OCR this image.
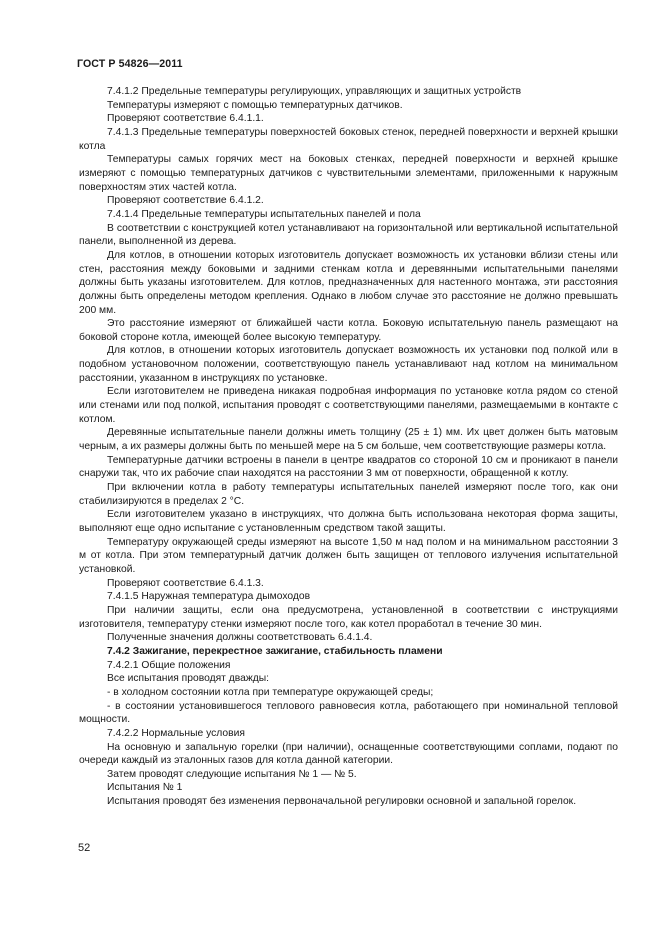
ГОСТ Р 54826—2011

7.4.1.2 Предельные температуры регулирующих, управляющих и защитных устройств

Температуры измеряют с помощью температурных датчиков.

Проверяют соответствие 6.4.1.1.

7.4.1.3 Предельные температуры поверхностей боковых стенок, передней поверхности и верхней крышки котла

Температуры самых горячих мест на боковых стенках, передней поверхности и верхней крышке измеряют с помощью температурных датчиков с чувствительными элементами, приложенными к наружным поверхностям этих частей котла.

Проверяют соответствие 6.4.1.2.

7.4.1.4 Предельные температуры испытательных панелей и пола

В соответствии с конструкцией котел устанавливают на горизонтальной или вертикальной испытательной панели, выполненной из дерева.

Для котлов, в отношении которых изготовитель допускает возможность их установки вблизи стены или стен, расстояния между боковыми и задними стенкам котла и деревянными испытательными панелями должны быть указаны изготовителем. Для котлов, предназначенных для настенного монтажа, эти расстояния должны быть определены методом крепления. Однако в любом случае это расстояние не должно превышать 200 мм.

Это расстояние измеряют от ближайшей части котла. Боковую испытательную панель размещают на боковой стороне котла, имеющей более высокую температуру.

Для котлов, в отношении которых изготовитель допускает возможность их установки под полкой или в подобном установочном положении, соответствующую панель устанавливают над котлом на минимальном расстоянии, указанном в инструкциях по установке.

Если изготовителем не приведена никакая подробная информация по установке котла рядом со стеной или стенами или под полкой, испытания проводят с соответствующими панелями, размещаемыми в контакте с котлом.

Деревянные испытательные панели должны иметь толщину (25 ± 1) мм. Их цвет должен быть матовым черным, а их размеры должны быть по меньшей мере на 5 см больше, чем соответствующие размеры котла.

Температурные датчики встроены в панели в центре квадратов со стороной 10 см и проникают в панели снаружи так, что их рабочие спаи находятся на расстоянии 3 мм от поверхности, обращенной к котлу.

При включении котла в работу температуры испытательных панелей измеряют после того, как они стабилизируются в пределах 2 °С.

Если изготовителем указано в инструкциях, что должна быть использована некоторая форма защиты, выполняют еще одно испытание с установленным средством такой защиты.

Температуру окружающей среды измеряют на высоте 1,50 м над полом и на минимальном расстоянии 3 м от котла. При этом температурный датчик должен быть защищен от теплового излучения испытательной установкой.

Проверяют соответствие 6.4.1.3.

7.4.1.5 Наружная температура дымоходов

При наличии защиты, если она предусмотрена, установленной в соответствии с инструкциями изготовителя, температуру стенки измеряют после того, как котел проработал в течение 30 мин.

Полученные значения должны соответствовать 6.4.1.4.

7.4.2 Зажигание, перекрестное зажигание, стабильность пламени

7.4.2.1 Общие положения

Все испытания проводят дважды:

- в холодном состоянии котла при температуре окружающей среды;

- в состоянии установившегося теплового равновесия котла, работающего при номинальной тепловой мощности.

7.4.2.2 Нормальные условия

На основную и запальную горелки (при наличии), оснащенные соответствующими соплами, подают по очереди каждый из эталонных газов для котла данной категории.

Затем проводят следующие испытания № 1 — № 5.

Испытания № 1

Испытания проводят без изменения первоначальной регулировки основной и запальной горелок.

52
